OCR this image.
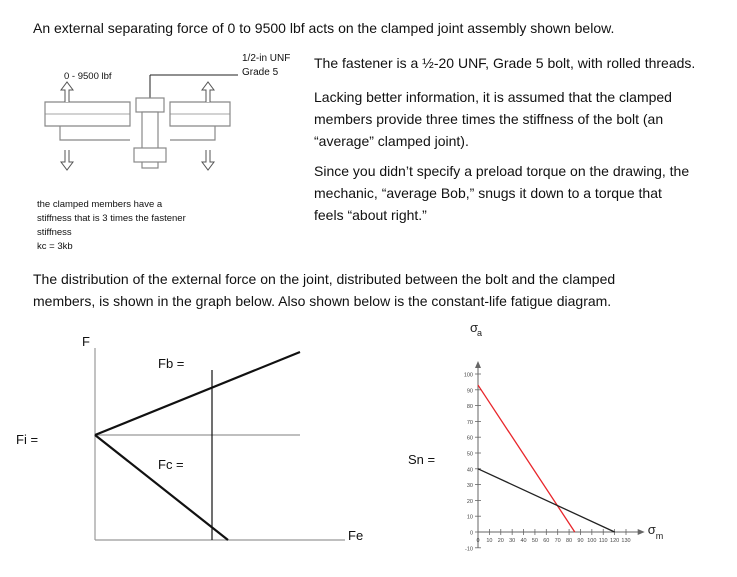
An external separating force of 0 to 9500 lbf acts on the clamped joint assembly shown below.
1/2-in UNF
Grade 5
0 - 9500 lbf
the clamped members have a
stiffness that is 3 times the fastener
stiffness
kc = 3kb
The fastener is a ½-20 UNF, Grade 5 bolt, with rolled threads.
Lacking better information, it is assumed that the clamped
members provide three times the stiffness of the bolt (an
“average” clamped joint).
Since you didn’t specify a preload torque on the drawing, the
mechanic, “average Bob,” snugs it down to a torque that
feels “about right.”
The distribution of the external force on the joint, distributed between the bolt and the clamped
members, is shown in the graph below. Also shown below is the constant-life fatigue diagram.
F
Fb =
Fc =
Fi =
Fe
Sn =
-10
0
10
20
30
40
50
60
70
80
90
100
0 10 20 30 40 50 60 70 80 90 100 110 120 130
σ
a
σ m
